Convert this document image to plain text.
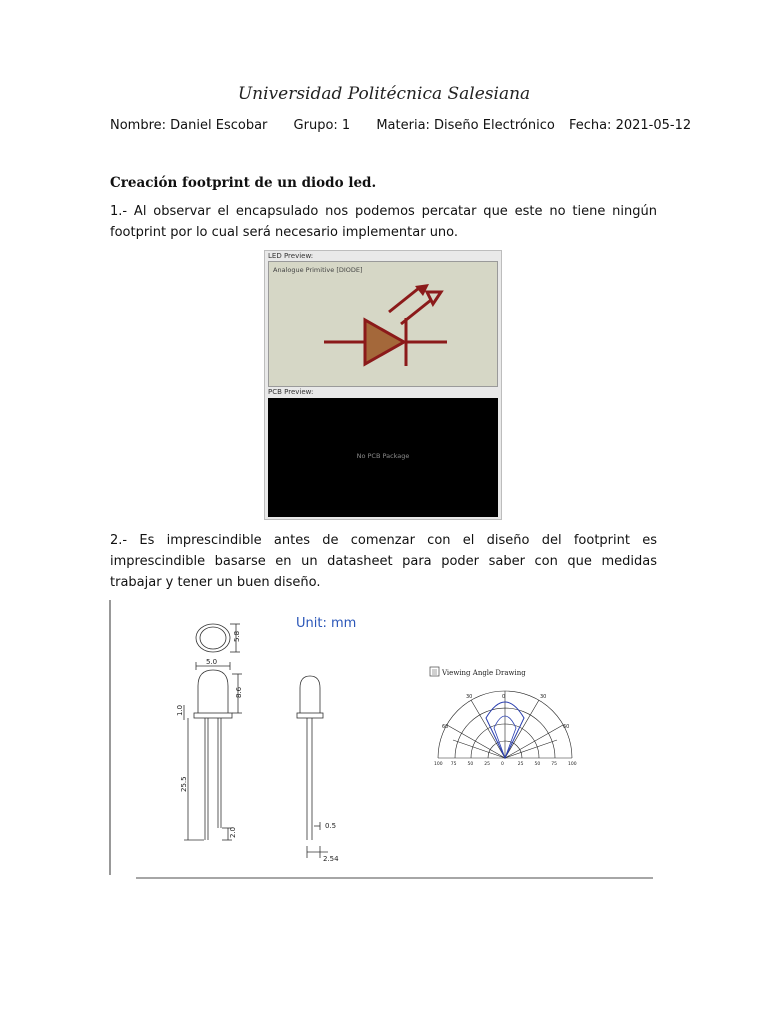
Universidad Politécnica Salesiana
Nombre: Daniel Escobar Grupo: 1 Materia: Diseño Electrónico Fecha: 2021-05-12
Creación footprint de un diodo led.
1.- Al observar el encapsulado nos podemos percatar que este no tiene ningún footprint por lo cual será necesario implementar uno.
LED Preview:
Analogue Primitive [DIODE]
PCB Preview:
No PCB Package
2.- Es imprescindible antes de comenzar con el diseño del footprint es imprescindible basarse en un datasheet para poder saber con que medidas trabajar y tener un buen diseño.
Unit: mm
5.8
5.0
8.6
1.0
25.5
2.0
0.5
2.54
Viewing Angle Drawing
0
30	30
60	60
100 75 50 25 0	25 50 75 100
